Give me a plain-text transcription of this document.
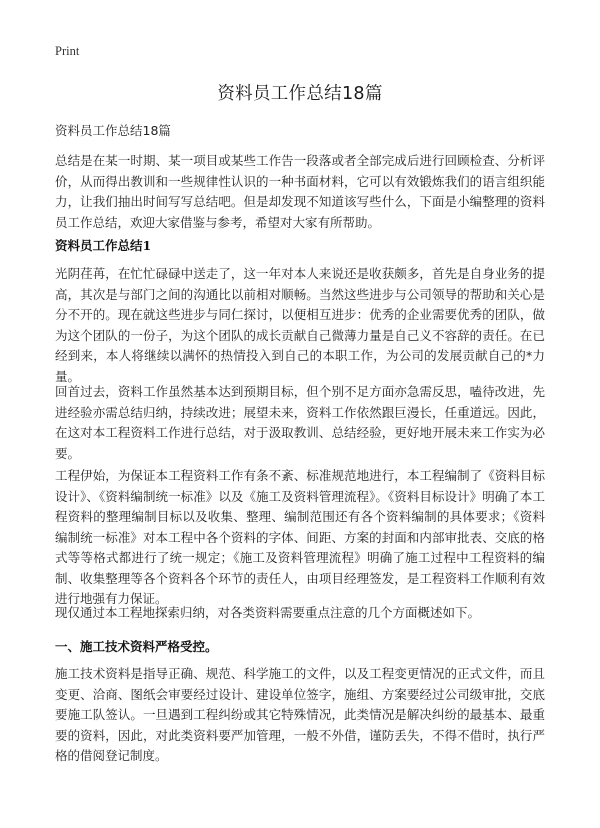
Print
资料员工作总结18篇

资料员工作总结18篇

总结是在某一时期、某一项目或某些工作告一段落或者全部完成后进行回顾检查、分析评价，从而得出教训和一些规律性认识的一种书面材料，它可以有效锻炼我们的语言组织能力，让我们抽出时间写写总结吧。但是却发现不知道该写些什么，下面是小编整理的资料员工作总结，欢迎大家借鉴与参考，希望对大家有所帮助。

资料员工作总结1

光阴荏苒，在忙忙碌碌中送走了，这一年对本人来说还是收获颇多，首先是自身业务的提高，其次是与部门之间的沟通比以前相对顺畅。当然这些进步与公司领导的帮助和关心是分不开的。现在就这些进步与同仁探讨，以便相互进步：优秀的企业需要优秀的团队，做为这个团队的一份子，为这个团队的成长贡献自己微薄力量是自己义不容辞的责任。在已经到来，本人将继续以满怀的热情投入到自己的本职工作，为公司的发展贡献自己的*力量。

回首过去，资料工作虽然基本达到预期目标，但个别不足方面亦急需反思，嗑待改进，先进经验亦需总结归纳，持续改进；展望未来，资料工作依然跟巨漫长，任重道远。因此，在这对本工程资料工作进行总结，对于汲取教训、总结经验，更好地开展未来工作实为必要。

工程伊始，为保证本工程资料工作有条不紊、标准规范地进行，本工程编制了《资料目标设计》、《资料编制统一标准》以及《施工及资料管理流程》。《资料目标设计》明确了本工程资料的整理编制目标以及收集、整理、编制范围还有各个资料编制的具体要求；《资料编制统一标准》对本工程中各个资料的字体、间距、方案的封面和内部审批表、交底的格式等等格式都进行了统一规定；《施工及资料管理流程》明确了施工过程中工程资料的编制、收集整理等各个资料各个环节的责任人，由项目经理签发，是工程资料工作顺利有效进行地强有力保证。

现仅通过本工程地探索归纳，对各类资料需要重点注意的几个方面概述如下。

一、施工技术资料严格受控。

施工技术资料是指导正确、规范、科学施工的文件，以及工程变更情况的正式文件，而且变更、洽商、图纸会审要经过设计、建设单位签字，施组、方案要经过公司级审批，交底要施工队签认。一旦遇到工程纠纷或其它特殊情况，此类情况是解决纠纷的最基本、最重要的资料，因此，对此类资料要严加管理，一般不外借，谨防丢失，不得不借时，执行严格的借阅登记制度。
